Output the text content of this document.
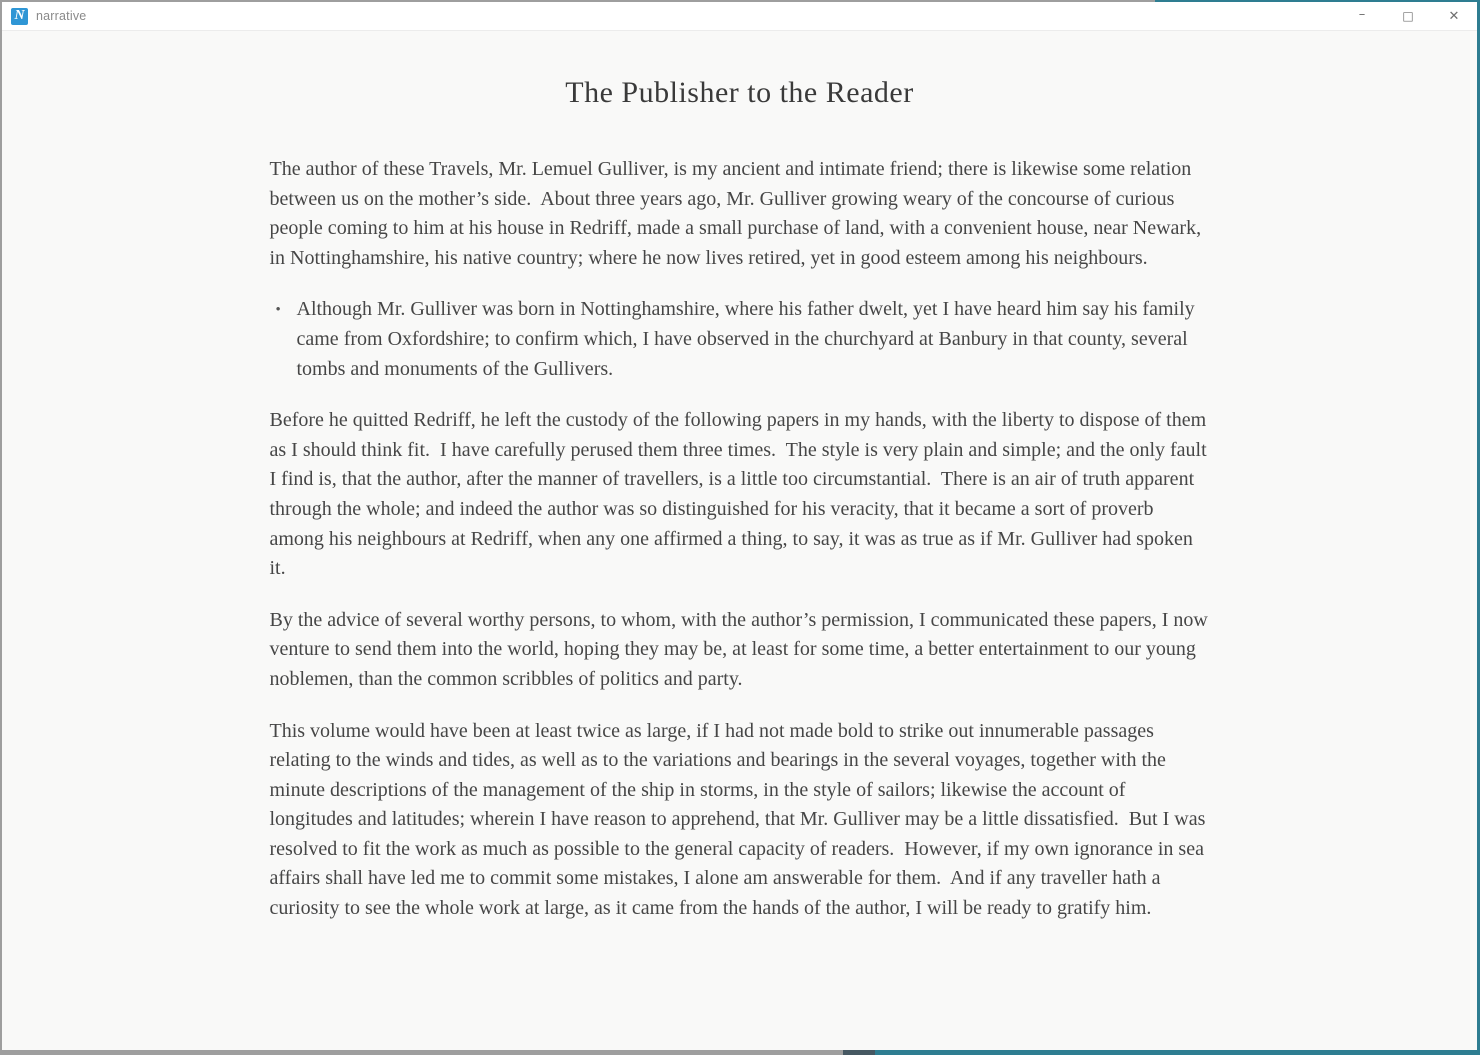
N narrative	–	□	✕
The Publisher to the Reader
The author of these Travels, Mr. Lemuel Gulliver, is my ancient and intimate friend; there is likewise some relation between us on the mother’s side.  About three years ago, Mr. Gulliver growing weary of the concourse of curious people coming to him at his house in Redriff, made a small purchase of land, with a convenient house, near Newark, in Nottinghamshire, his native country; where he now lives retired, yet in good esteem among his neighbours.
• Although Mr. Gulliver was born in Nottinghamshire, where his father dwelt, yet I have heard him say his family came from Oxfordshire; to confirm which, I have observed in the churchyard at Banbury in that county, several tombs and monuments of the Gullivers.
Before he quitted Redriff, he left the custody of the following papers in my hands, with the liberty to dispose of them as I should think fit.  I have carefully perused them three times.  The style is very plain and simple; and the only fault I find is, that the author, after the manner of travellers, is a little too circumstantial.  There is an air of truth apparent through the whole; and indeed the author was so distinguished for his veracity, that it became a sort of proverb among his neighbours at Redriff, when any one affirmed a thing, to say, it was as true as if Mr. Gulliver had spoken it.
By the advice of several worthy persons, to whom, with the author’s permission, I communicated these papers, I now venture to send them into the world, hoping they may be, at least for some time, a better entertainment to our young noblemen, than the common scribbles of politics and party.
This volume would have been at least twice as large, if I had not made bold to strike out innumerable passages relating to the winds and tides, as well as to the variations and bearings in the several voyages, together with the minute descriptions of the management of the ship in storms, in the style of sailors; likewise the account of longitudes and latitudes; wherein I have reason to apprehend, that Mr. Gulliver may be a little dissatisfied.  But I was resolved to fit the work as much as possible to the general capacity of readers.  However, if my own ignorance in sea affairs shall have led me to commit some mistakes, I alone am answerable for them.  And if any traveller hath a curiosity to see the whole work at large, as it came from the hands of the author, I will be ready to gratify him.
